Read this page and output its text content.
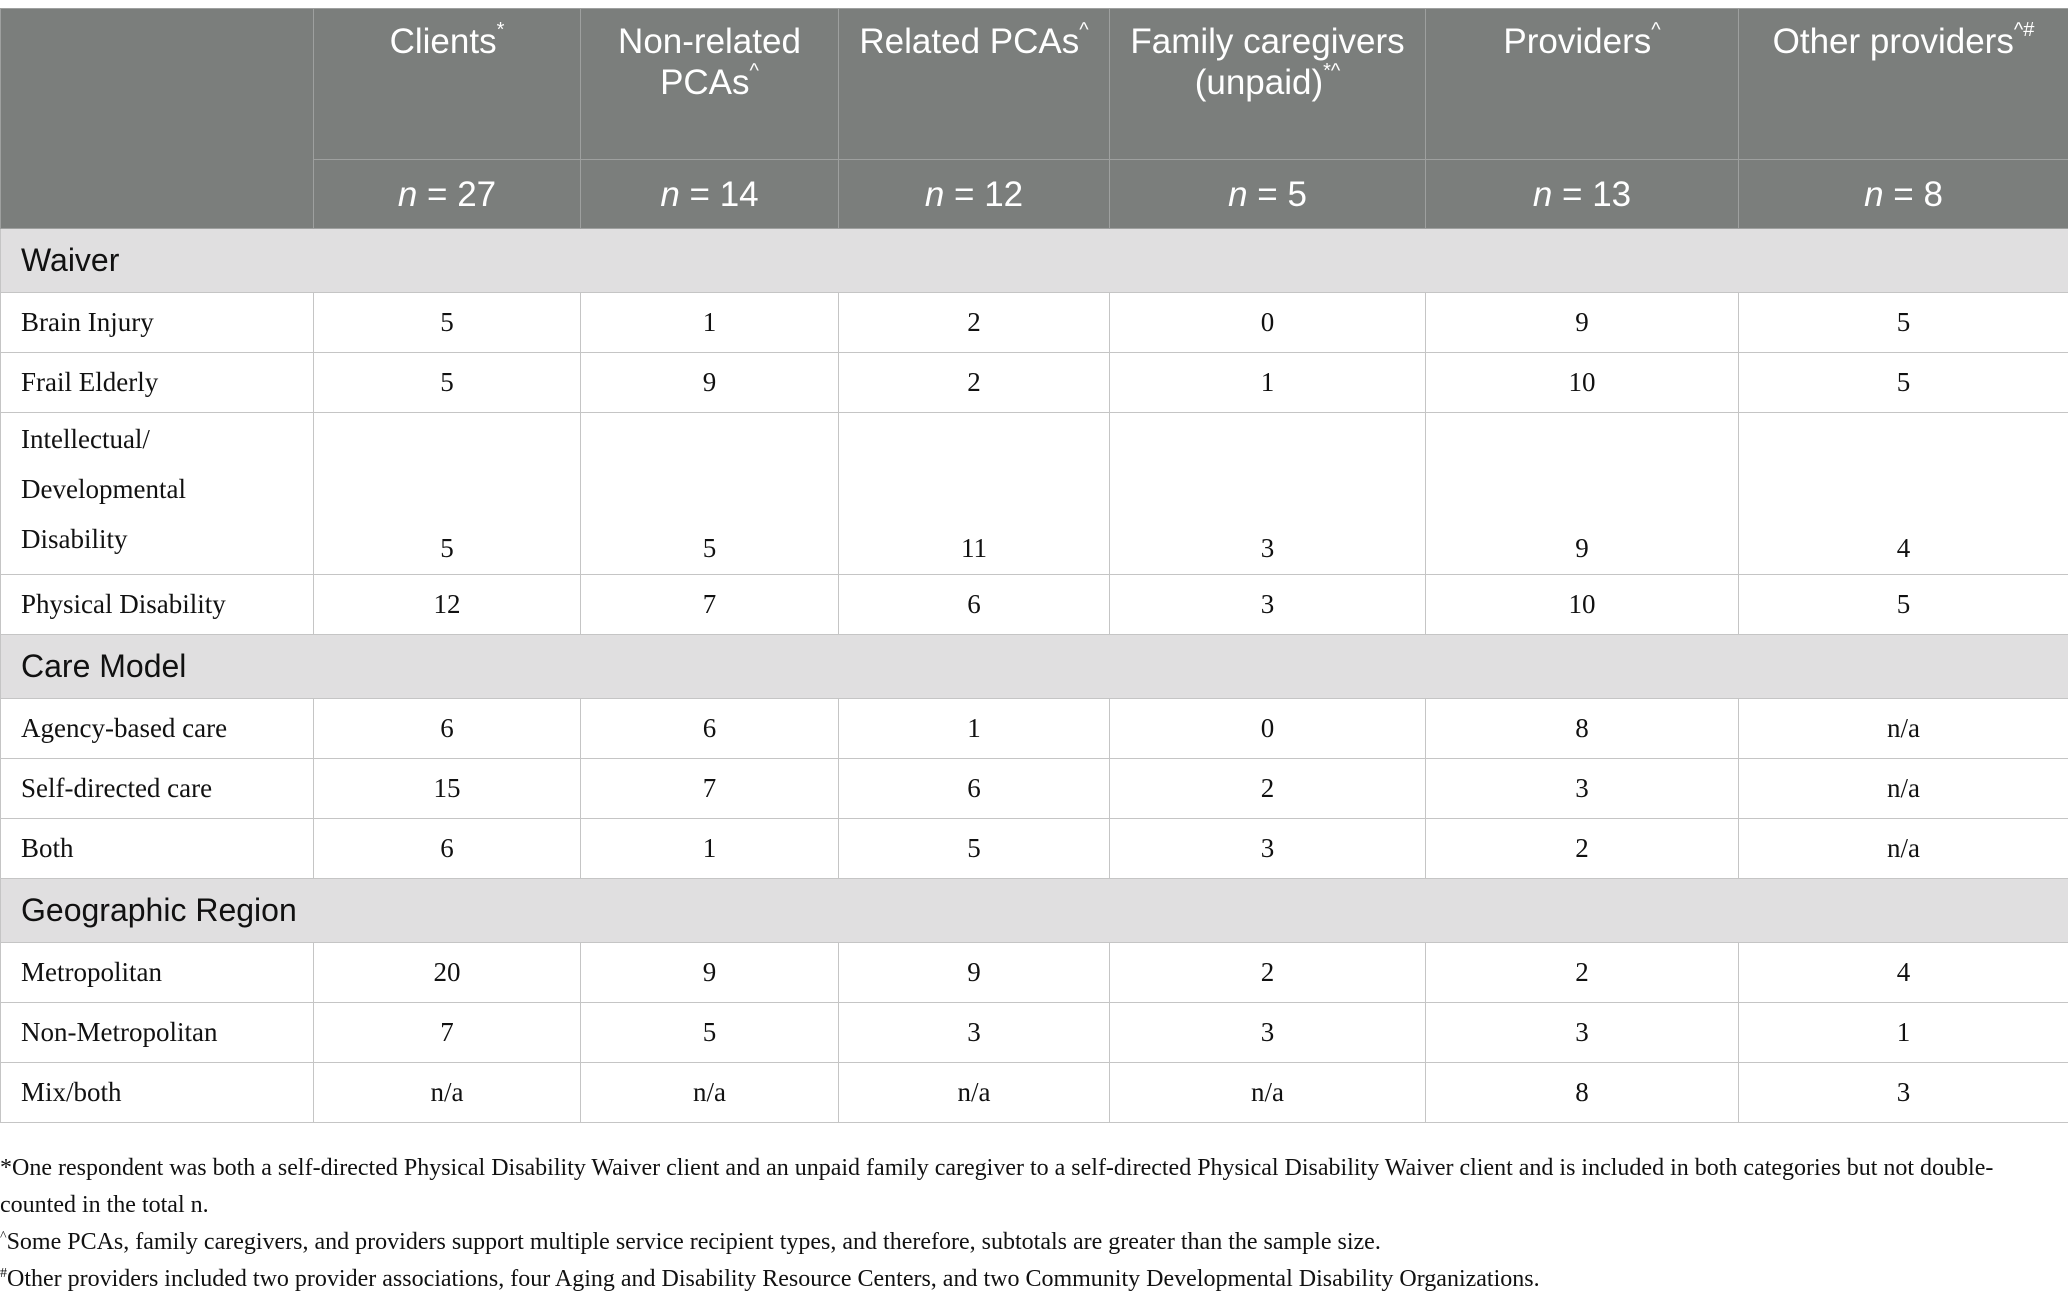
	Clients*	Non-related PCAs^	Related PCAs^	Family caregivers (unpaid)*^	Providers^	Other providers^#
	n = 27	n = 14	n = 12	n = 5	n = 13	n = 8
Waiver						
Brain Injury	5	1	2	0	9	5
Frail Elderly	5	9	2	1	10	5
Intellectual/ Developmental Disability	5	5	11	3	9	4
Physical Disability	12	7	6	3	10	5
Care Model						
Agency-based care	6	6	1	0	8	n/a
Self-directed care	15	7	6	2	3	n/a
Both	6	1	5	3	2	n/a
Geographic Region						
Metropolitan	20	9	9	2	2	4
Non-Metropolitan	7	5	3	3	3	1
Mix/both	n/a	n/a	n/a	n/a	8	3

*One respondent was both a self-directed Physical Disability Waiver client and an unpaid family caregiver to a self-directed Physical Disability Waiver client and is included in both categories but not double-counted in the total n.

^Some PCAs, family caregivers, and providers support multiple service recipient types, and therefore, subtotals are greater than the sample size.

#Other providers included two provider associations, four Aging and Disability Resource Centers, and two Community Developmental Disability Organizations.
